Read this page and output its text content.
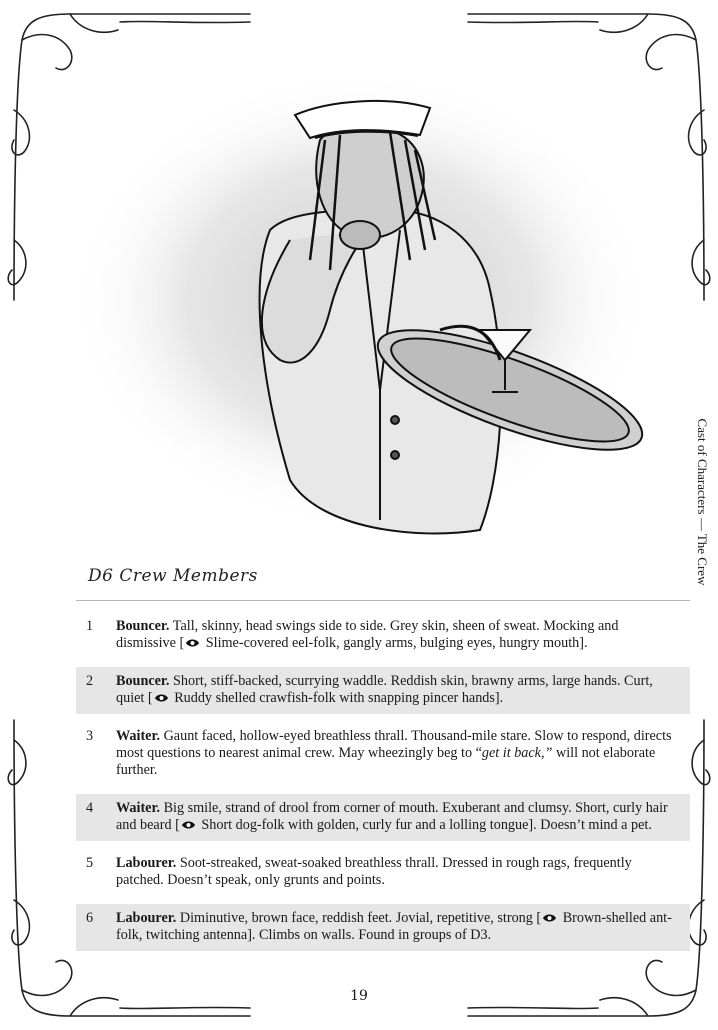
D6 Crew Members	Cast of Characters — The Crew
1	Bouncer. Tall, skinny, head swings side to side. Grey skin, sheen of sweat. Mocking and dismissive [ Slime-covered eel-folk, gangly arms, bulging eyes, hungry mouth].
2	Bouncer. Short, stiff-backed, scurrying waddle. Reddish skin, brawny arms, large hands. Curt, quiet [ Ruddy shelled crawfish-folk with snapping pincer hands].
3	Waiter. Gaunt faced, hollow-eyed breathless thrall. Thousand-mile stare. Slow to respond, directs most questions to nearest animal crew. May wheezingly beg to “get it back,” will not elaborate further.
4	Waiter. Big smile, strand of drool from corner of mouth. Exuberant and clumsy. Short, curly hair and beard [ Short dog-folk with golden, curly fur and a lolling tongue]. Doesn’t mind a pet.
5	Labourer. Soot-streaked, sweat-soaked breathless thrall. Dressed in rough rags, frequently patched. Doesn’t speak, only grunts and points.
6	Labourer. Diminutive, brown face, reddish feet. Jovial, repetitive, strong [ Brown-shelled ant-folk, twitching antenna]. Climbs on walls. Found in groups of D3.
19
